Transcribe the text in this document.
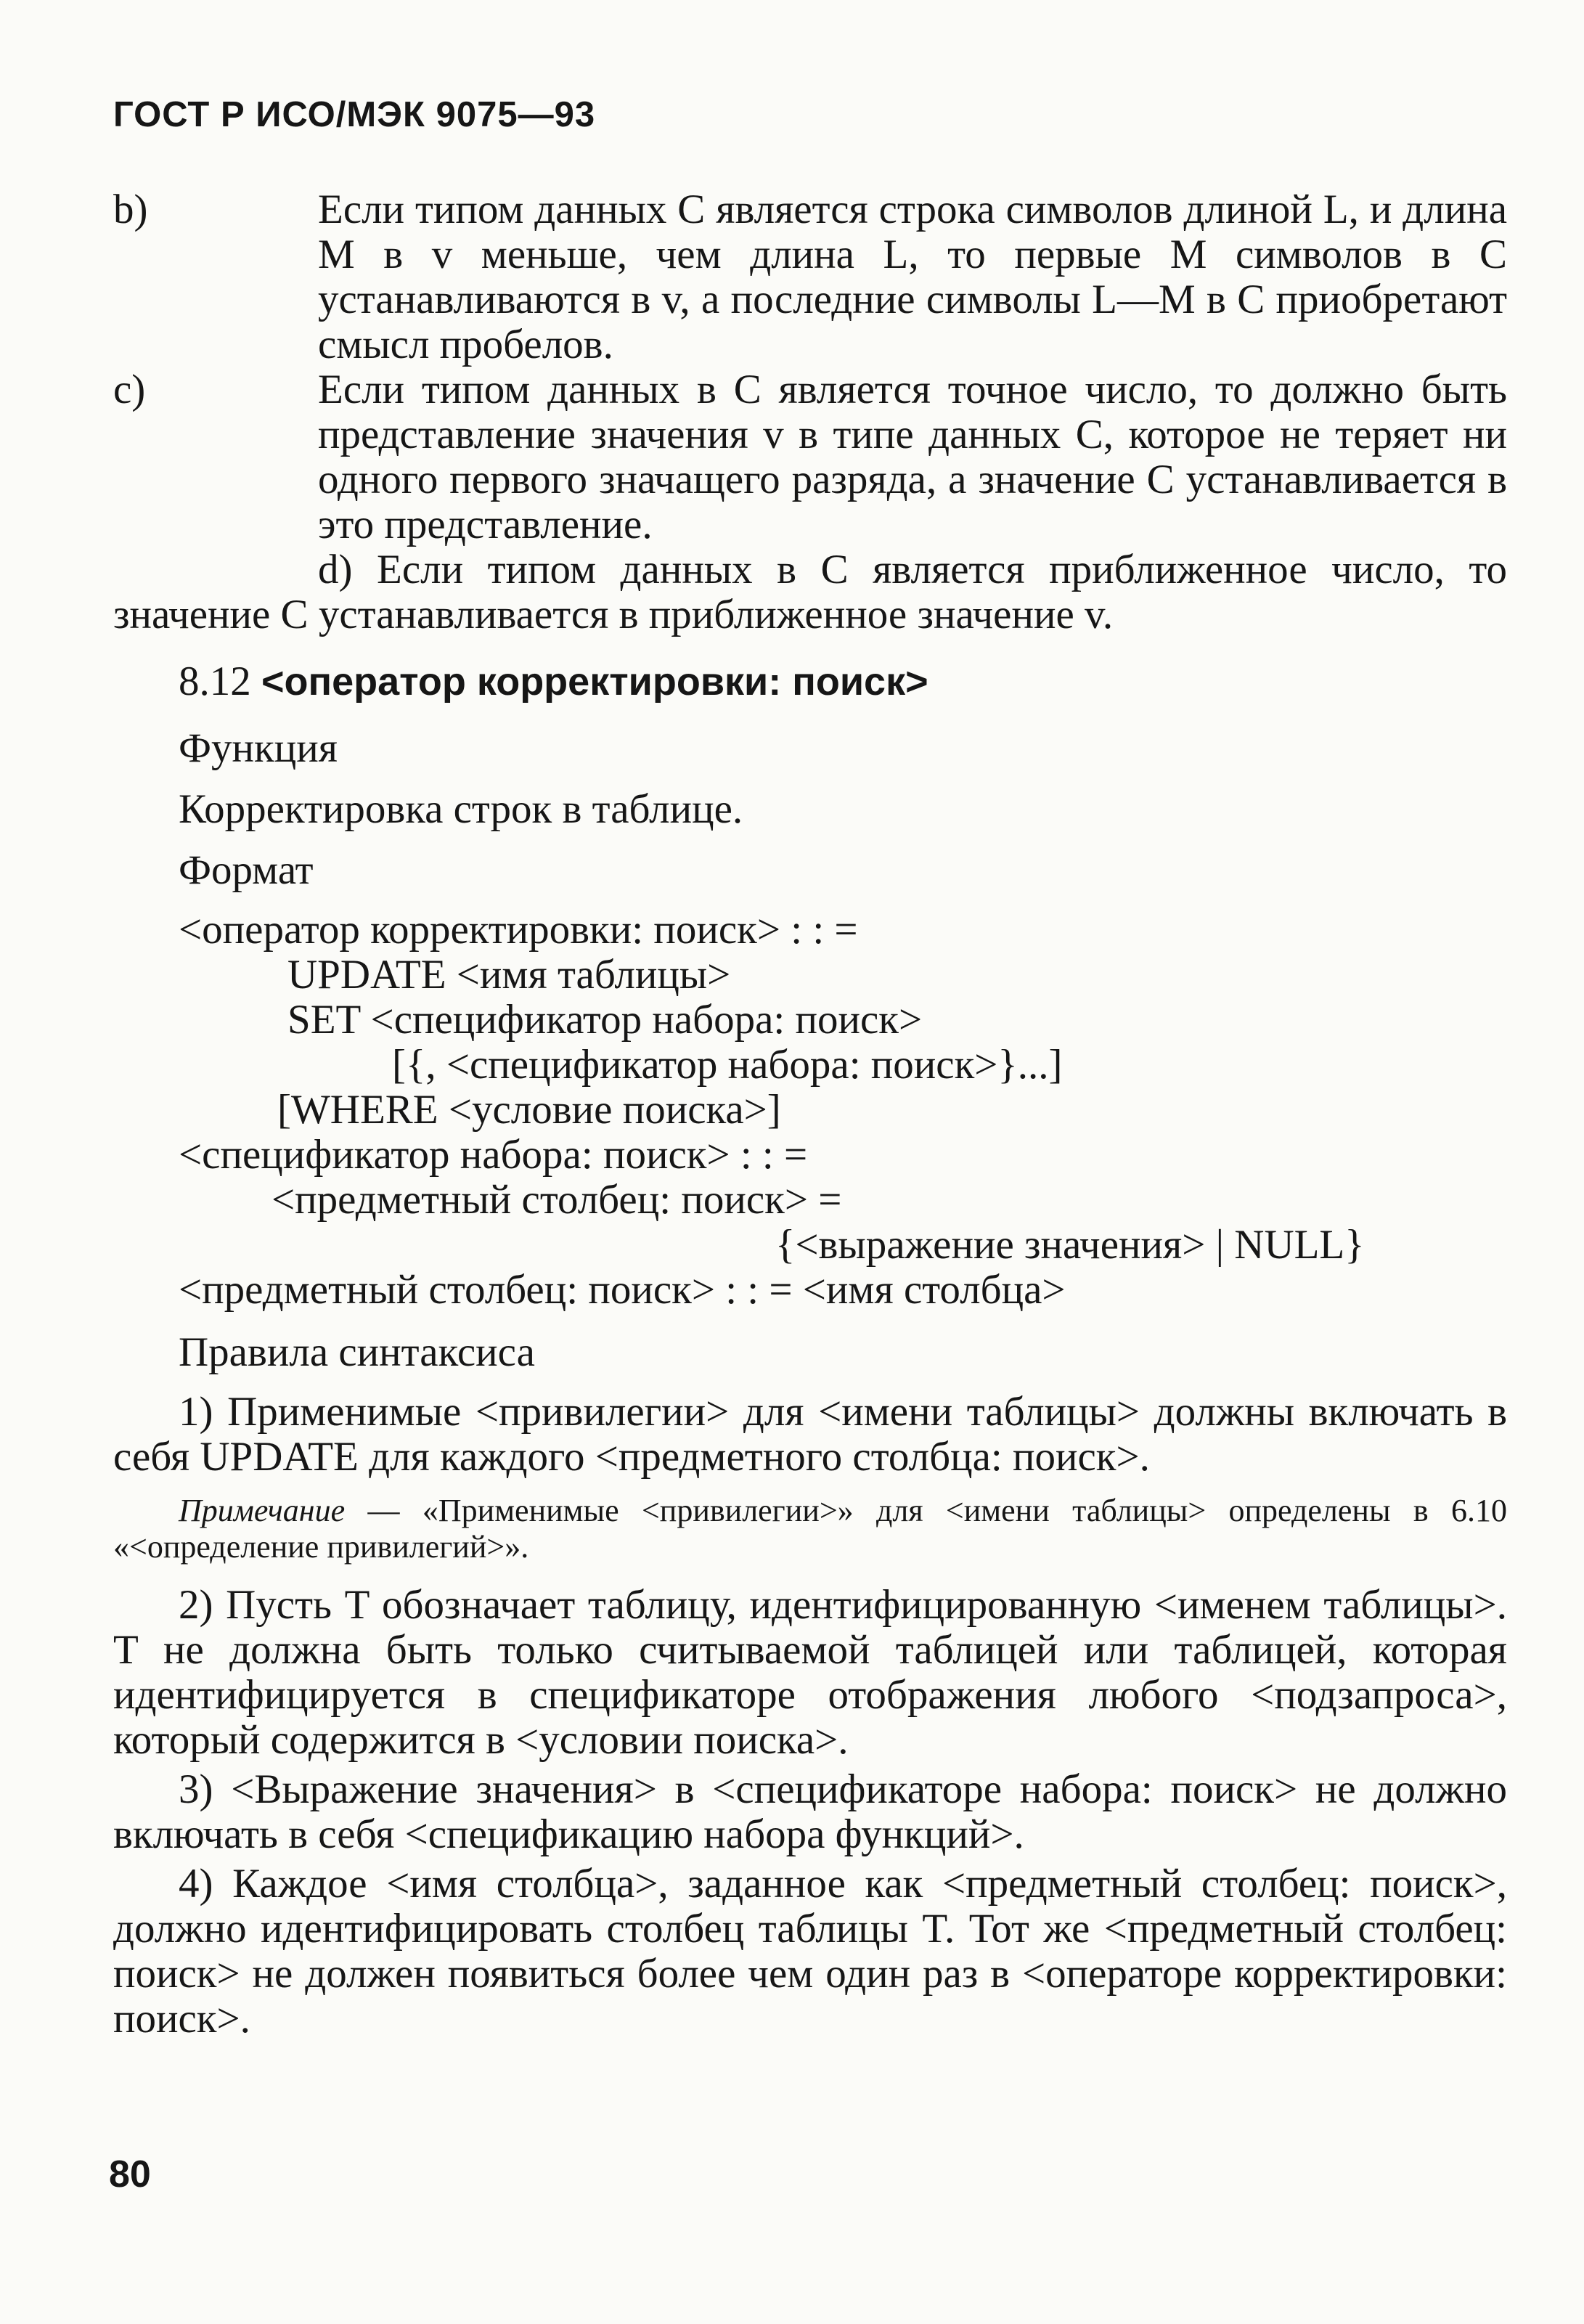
ГОСТ Р ИСО/МЭК 9075—93

b)	Если типом данных C является строка символов длиной L, и длина M в v меньше, чем длина L, то первые M символов в C устанавливаются в v, а последние символы L—M в C приобретают смысл пробелов.

c)	Если типом данных в C является точное число, то должно быть представление значения v в типе данных C, которое не теряет ни одного первого значащего разряда, а значение C устанавливается в это представление.

d) Если типом данных в C является приближенное число, то значение C устанавливается в приближенное значение v.

8.12 <оператор корректировки: поиск>

Функция

Корректировка строк в таблице.

Формат

<оператор корректировки: поиск> : : =
UPDATE <имя таблицы>
SET <спецификатор набора: поиск>
[{, <спецификатор набора: поиск>}...]
[WHERE <условие поиска>]
<спецификатор набора: поиск> : : =
<предметный столбец: поиск> =
{<выражение значения> | NULL}
<предметный столбец: поиск> : : = <имя столбца>

Правила синтаксиса

1) Применимые <привилегии> для <имени таблицы> должны включать в себя UPDATE для каждого <предметного столбца: поиск>.

Примечание — «Применимые <привилегии>» для <имени таблицы> определены в 6.10 «<определение привилегий>».

2) Пусть T обозначает таблицу, идентифицированную <именем таблицы>. T не должна быть только считываемой таблицей или таблицей, которая идентифицируется в спецификаторе отображения любого <подзапроса>, который содержится в <условии поиска>.

3) <Выражение значения> в <спецификаторе набора: поиск> не должно включать в себя <спецификацию набора функций>.

4) Каждое <имя столбца>, заданное как <предметный столбец: поиск>, должно идентифицировать столбец таблицы T. Тот же <предметный столбец: поиск> не должен появиться более чем один раз в <операторе корректировки: поиск>.

80
